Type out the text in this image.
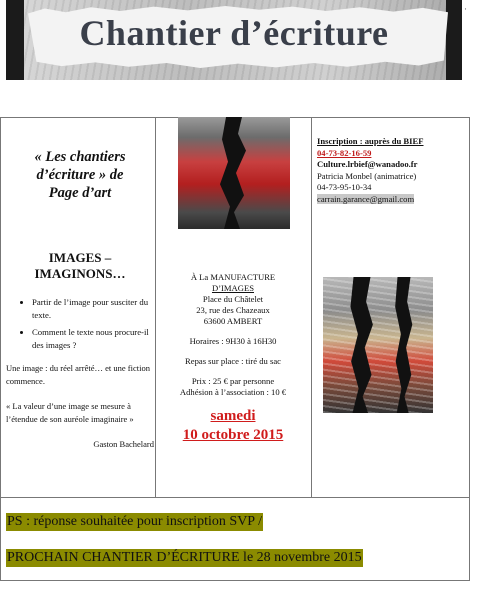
Chantier d’écriture
·
« Les chantiers
d’écriture » de
Page d’art
IMAGES –
IMAGINONS…
• Partir de l’image pour susciter du texte.
• Comment le texte nous procure-il des images ?

Une image : du réel arrêté… et une fiction commence.

« La valeur d’une image se mesure à l’étendue de son auréole imaginaire »

Gaston Bachelard

À La MANUFACTURE
D’IMAGES
Place du Châtelet
23, rue des Chazeaux
63600 AMBERT
Horaires : 9H30 à 16H30
Repas sur place : tiré du sac
Prix : 25 € par personne
Adhésion à l’association : 10 €
samedi
10 octobre 2015
Inscription : auprès du BIEF
04-73-82-16-59
Culture.lrbief@wanadoo.fr
Patricia Monbel (animatrice)
04-73-95-10-34
carrain.garance@gmail.com
PS : réponse souhaitée pour inscription SVP /
PROCHAIN CHANTIER D’ÉCRITURE le 28 novembre 2015
